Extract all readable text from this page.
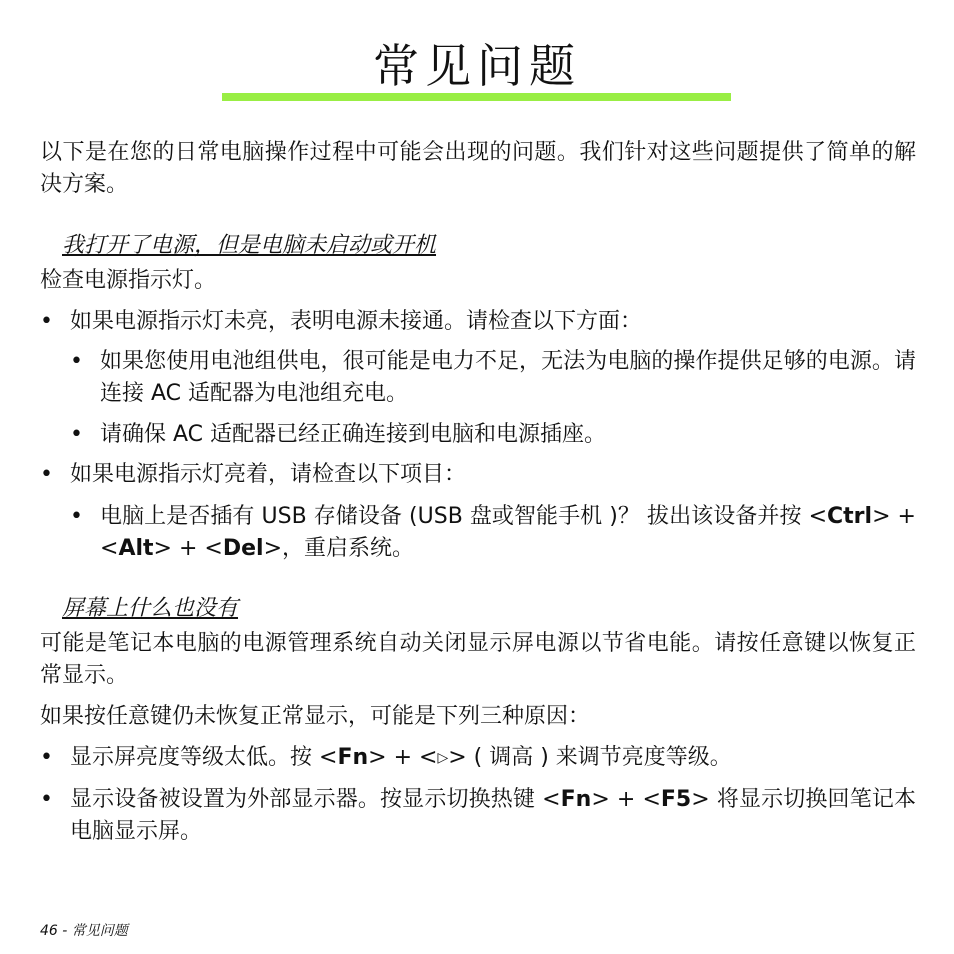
常见问题
以下是在您的日常电脑操作过程中可能会出现的问题。我们针对这些问题提供了简单的解决方案。
我打开了电源，但是电脑未启动或开机
检查电源指示灯。
• 如果电源指示灯未亮，表明电源未接通。请检查以下方面：
• 如果您使用电池组供电，很可能是电力不足，无法为电脑的操作提供足够的电源。请连接 AC 适配器为电池组充电。
• 请确保 AC 适配器已经正确连接到电脑和电源插座。
• 如果电源指示灯亮着，请检查以下项目：
• 电脑上是否插有 USB 存储设备 (USB 盘或智能手机 )？ 拔出该设备并按 <Ctrl> + <Alt> + <Del>，重启系统。
屏幕上什么也没有
可能是笔记本电脑的电源管理系统自动关闭显示屏电源以节省电能。请按任意键以恢复正常显示。
如果按任意键仍未恢复正常显示，可能是下列三种原因：
• 显示屏亮度等级太低。按 <Fn> + <▷> ( 调高 ) 来调节亮度等级。
• 显示设备被设置为外部显示器。按显示切换热键 <Fn> + <F5> 将显示切换回笔记本电脑显示屏。
46 - 常见问题
